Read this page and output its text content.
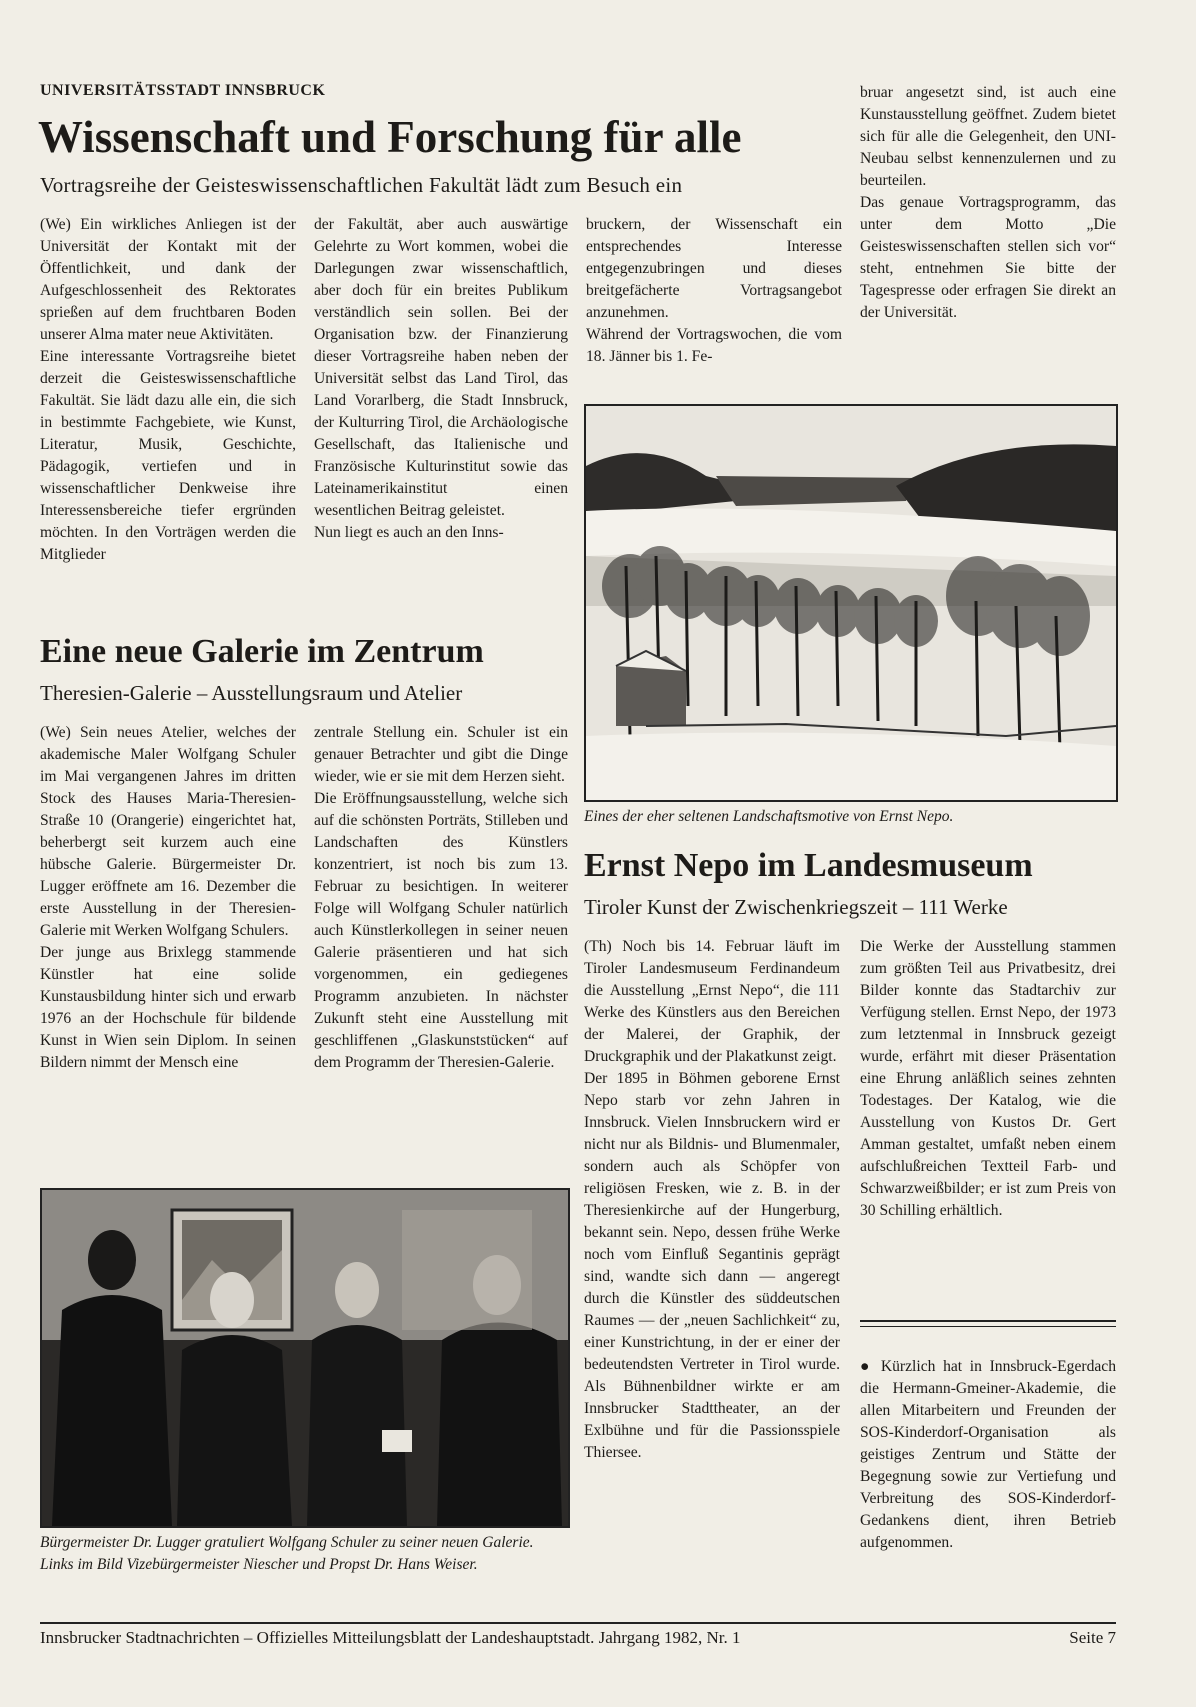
UNIVERSITÄTSSTADT INNSBRUCK
Wissenschaft und Forschung für alle
Vortragsreihe der Geisteswissenschaftlichen Fakultät lädt zum Besuch ein

(We) Ein wirkliches Anliegen ist der Universität der Kontakt mit der Öffentlichkeit, und dank der Aufgeschlossenheit des Rektorates sprießen auf dem fruchtbaren Boden unserer Alma mater neue Aktivitäten.

Eine interessante Vortragsreihe bietet derzeit die Geisteswissenschaftliche Fakultät. Sie lädt dazu alle ein, die sich in bestimmte Fachgebiete, wie Kunst, Literatur, Musik, Geschichte, Pädagogik, vertiefen und in wissenschaftlicher Denkweise ihre Interessensbereiche tiefer ergründen möchten. In den Vorträgen werden die Mitglieder

der Fakultät, aber auch auswärtige Gelehrte zu Wort kommen, wobei die Darlegungen zwar wissenschaftlich, aber doch für ein breites Publikum verständlich sein sollen. Bei der Organisation bzw. der Finanzierung dieser Vortragsreihe haben neben der Universität selbst das Land Tirol, das Land Vorarlberg, die Stadt Innsbruck, der Kulturring Tirol, die Archäologische Gesellschaft, das Italienische und Französische Kulturinstitut sowie das Lateinamerikainstitut einen wesentlichen Beitrag geleistet.

Nun liegt es auch an den Inns-

bruckern, der Wissenschaft ein entsprechendes Interesse entgegenzubringen und dieses breitgefächerte Vortragsangebot anzunehmen.

Während der Vortragswochen, die vom 18. Jänner bis 1. Fe-

bruar angesetzt sind, ist auch eine Kunstausstellung geöffnet. Zudem bietet sich für alle die Gelegenheit, den UNI-Neubau selbst kennenzulernen und zu beurteilen.

Das genaue Vortragsprogramm, das unter dem Motto „Die Geisteswissenschaften stellen sich vor“ steht, entnehmen Sie bitte der Tagespresse oder erfragen Sie direkt an der Universität.

Eine neue Galerie im Zentrum
Theresien-Galerie – Ausstellungsraum und Atelier

(We) Sein neues Atelier, welches der akademische Maler Wolfgang Schuler im Mai vergangenen Jahres im dritten Stock des Hauses Maria-Theresien-Straße 10 (Orangerie) eingerichtet hat, beherbergt seit kurzem auch eine hübsche Galerie. Bürgermeister Dr. Lugger eröffnete am 16. Dezember die erste Ausstellung in der Theresien-Galerie mit Werken Wolfgang Schulers.

Der junge aus Brixlegg stammende Künstler hat eine solide Kunstausbildung hinter sich und erwarb 1976 an der Hochschule für bildende Kunst in Wien sein Diplom. In seinen Bildern nimmt der Mensch eine

zentrale Stellung ein. Schuler ist ein genauer Betrachter und gibt die Dinge wieder, wie er sie mit dem Herzen sieht.

Die Eröffnungsausstellung, welche sich auf die schönsten Porträts, Stilleben und Landschaften des Künstlers konzentriert, ist noch bis zum 13. Februar zu besichtigen. In weiterer Folge will Wolfgang Schuler natürlich auch Künstlerkollegen in seiner neuen Galerie präsentieren und hat sich vorgenommen, ein gediegenes Programm anzubieten. In nächster Zukunft steht eine Ausstellung mit geschliffenen „Glaskunststücken“ auf dem Programm der Theresien-Galerie.

Bürgermeister Dr. Lugger gratuliert Wolfgang Schuler zu seiner neuen Galerie. Links im Bild Vizebürgermeister Niescher und Propst Dr. Hans Weiser.
Eines der eher seltenen Landschaftsmotive von Ernst Nepo.
Ernst Nepo im Landesmuseum
Tiroler Kunst der Zwischenkriegszeit – 111 Werke

(Th) Noch bis 14. Februar läuft im Tiroler Landesmuseum Ferdinandeum die Ausstellung „Ernst Nepo“, die 111 Werke des Künstlers aus den Bereichen der Malerei, der Graphik, der Druckgraphik und der Plakatkunst zeigt.

Der 1895 in Böhmen geborene Ernst Nepo starb vor zehn Jahren in Innsbruck. Vielen Innsbruckern wird er nicht nur als Bildnis- und Blumenmaler, sondern auch als Schöpfer von religiösen Fresken, wie z. B. in der Theresienkirche auf der Hungerburg, bekannt sein. Nepo, dessen frühe Werke noch vom Einfluß Segantinis geprägt sind, wandte sich dann — angeregt durch die Künstler des süddeutschen Raumes — der „neuen Sachlichkeit“ zu, einer Kunstrichtung, in der er einer der bedeutendsten Vertreter in Tirol wurde. Als Bühnenbildner wirkte er am Innsbrucker Stadttheater, an der Exlbühne und für die Passionsspiele Thiersee.

Die Werke der Ausstellung stammen zum größten Teil aus Privatbesitz, drei Bilder konnte das Stadtarchiv zur Verfügung stellen. Ernst Nepo, der 1973 zum letztenmal in Innsbruck gezeigt wurde, erfährt mit dieser Präsentation eine Ehrung anläßlich seines zehnten Todestages. Der Katalog, wie die Ausstellung von Kustos Dr. Gert Amman gestaltet, umfaßt neben einem aufschlußreichen Textteil Farb- und Schwarzweißbilder; er ist zum Preis von 30 Schilling erhältlich.

● Kürzlich hat in Innsbruck-Egerdach die Hermann-Gmeiner-Akademie, die allen Mitarbeitern und Freunden der SOS-Kinderdorf-Organisation als geistiges Zentrum und Stätte der Begegnung sowie zur Vertiefung und Verbreitung des SOS-Kinderdorf-Gedankens dient, ihren Betrieb aufgenommen.

Innsbrucker Stadtnachrichten – Offizielles Mitteilungsblatt der Landeshauptstadt. Jahrgang 1982, Nr. 1	Seite 7
